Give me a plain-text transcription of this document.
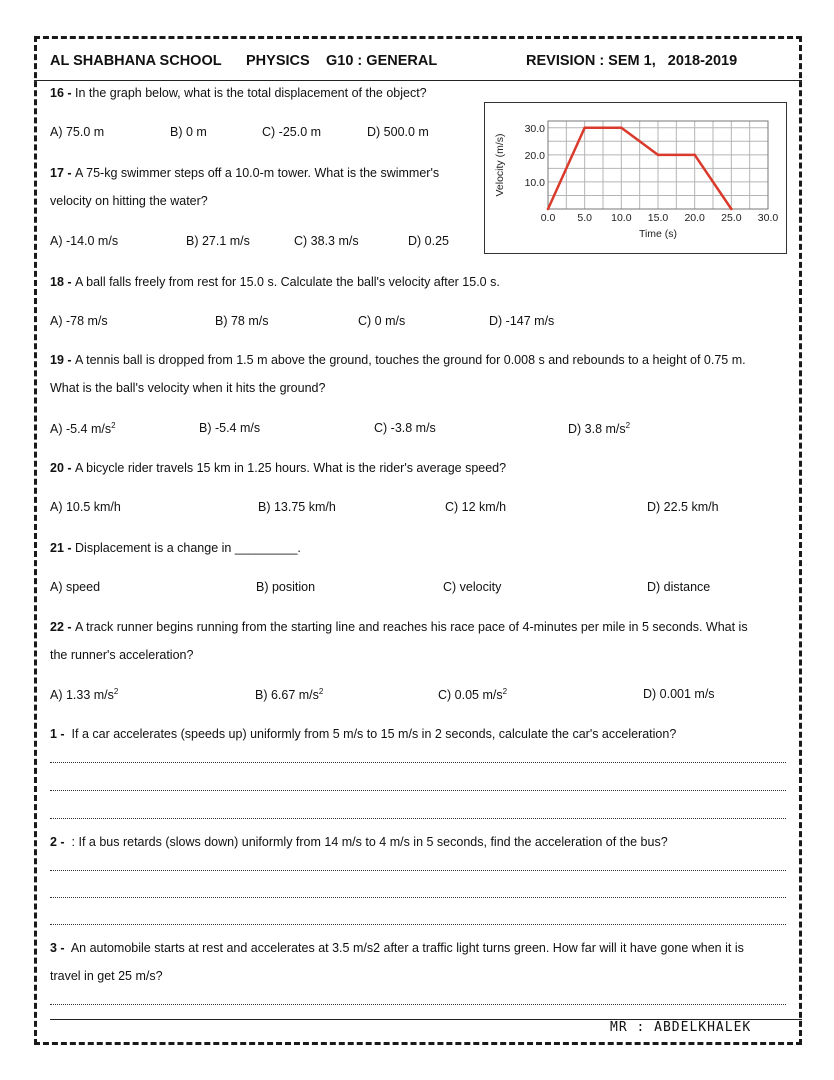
AL SHABHANA SCHOOL PHYSICS G10 : GENERAL	REVISION : SEM 1,   2018-2019
16 - In the graph below, what is the total displacement of the object?
A) 75.0 m	B) 0 m	C) -25.0 m	D) 500.0 m
17 - A 75-kg swimmer steps off a 10.0-m tower. What is the swimmer's
velocity on hitting the water?
A) -14.0 m/s	B) 27.1 m/s	C) 38.3 m/s	D) 0.25
0.0 5.0 10.0 15.0 20.0 25.0 30.0
10.0
20.0
30.0
Time (s)
Velocity (m/s)
18 - A ball falls freely from rest for 15.0 s. Calculate the ball's velocity after 15.0 s.
A) -78 m/s	B) 78 m/s	C) 0 m/s	D) -147 m/s
19 - A tennis ball is dropped from 1.5 m above the ground, touches the ground for 0.008 s and rebounds to a height of 0.75 m.
What is the ball's velocity when it hits the ground?
A) -5.4 $m/s^2$	B) -5.4 m/s	C) -3.8 m/s	D) 3.8 $m/s^2$
20 - A bicycle rider travels 15 km in 1.25 hours. What is the rider's average speed?
A) 10.5 km/h	B) 13.75 km/h	C) 12 km/h	D) 22.5 km/h
21 - Displacement is a change in _________.
A) speed	B) position	C) velocity	D) distance
22 - A track runner begins running from the starting line and reaches his race pace of 4-minutes per mile in 5 seconds. What is
the runner's acceleration?
A) 1.33 $m/s^2$	B) 6.67 $m/s^2$	C) 0.05 $m/s^2$	D) 0.001 m/s
1 -  If a car accelerates (speeds up) uniformly from 5 m/s to 15 m/s in 2 seconds, calculate the car's acceleration?
2 -  : If a bus retards (slows down) uniformly from 14 m/s to 4 m/s in 5 seconds, find the acceleration of the bus?
3 -  An automobile starts at rest and accelerates at 3.5 m/s2 after a traffic light turns green. How far will it have gone when it is
travel in get 25 m/s?
MR : ABDELKHALEK
